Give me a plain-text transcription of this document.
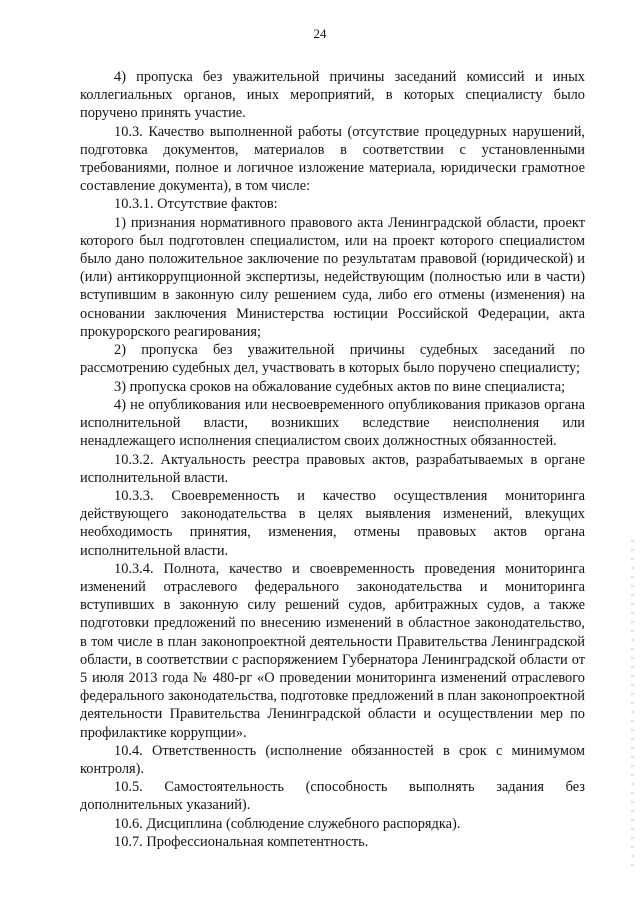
24

4) пропуска без уважительной причины заседаний комиссий и иных коллегиальных органов, иных мероприятий, в которых специалисту было поручено принять участие.

10.3. Качество выполненной работы (отсутствие процедурных нарушений, подготовка документов, материалов в соответствии с установленными требованиями, полное и логичное изложение материала, юридически грамотное составление документа), в том числе:

10.3.1. Отсутствие фактов:

1) признания нормативного правового акта Ленинградской области, проект которого был подготовлен специалистом, или на проект которого специалистом было дано положительное заключение по результатам правовой (юридической) и (или) антикоррупционной экспертизы, недействующим (полностью или в части) вступившим в законную силу решением суда, либо его отмены (изменения) на основании заключения Министерства юстиции Российской Федерации, акта прокурорского реагирования;

2) пропуска без уважительной причины судебных заседаний по рассмотрению судебных дел, участвовать в которых было поручено специалисту;

3) пропуска сроков на обжалование судебных актов по вине специалиста;

4) не опубликования или несвоевременного опубликования приказов органа исполнительной власти, возникших вследствие неисполнения или ненадлежащего исполнения специалистом своих должностных обязанностей.

10.3.2. Актуальность реестра правовых актов, разрабатываемых в органе исполнительной власти.

10.3.3. Своевременность и качество осуществления мониторинга действующего законодательства в целях выявления изменений, влекущих необходимость принятия, изменения, отмены правовых актов органа исполнительной власти.

10.3.4. Полнота, качество и своевременность проведения мониторинга изменений отраслевого федерального законодательства и мониторинга вступивших в законную силу решений судов, арбитражных судов, а также подготовки предложений по внесению изменений в областное законодательство, в том числе в план законопроектной деятельности Правительства Ленинградской области, в соответствии с распоряжением Губернатора Ленинградской области от 5 июля 2013 года № 480-рг «О проведении мониторинга изменений отраслевого федерального законодательства, подготовке предложений в план законопроектной деятельности Правительства Ленинградской области и осуществлении мер по профилактике коррупции».

10.4. Ответственность (исполнение обязанностей в срок с минимумом контроля).

10.5. Самостоятельность (способность выполнять задания без дополнительных указаний).

10.6. Дисциплина (соблюдение служебного распорядка).

10.7. Профессиональная компетентность.
